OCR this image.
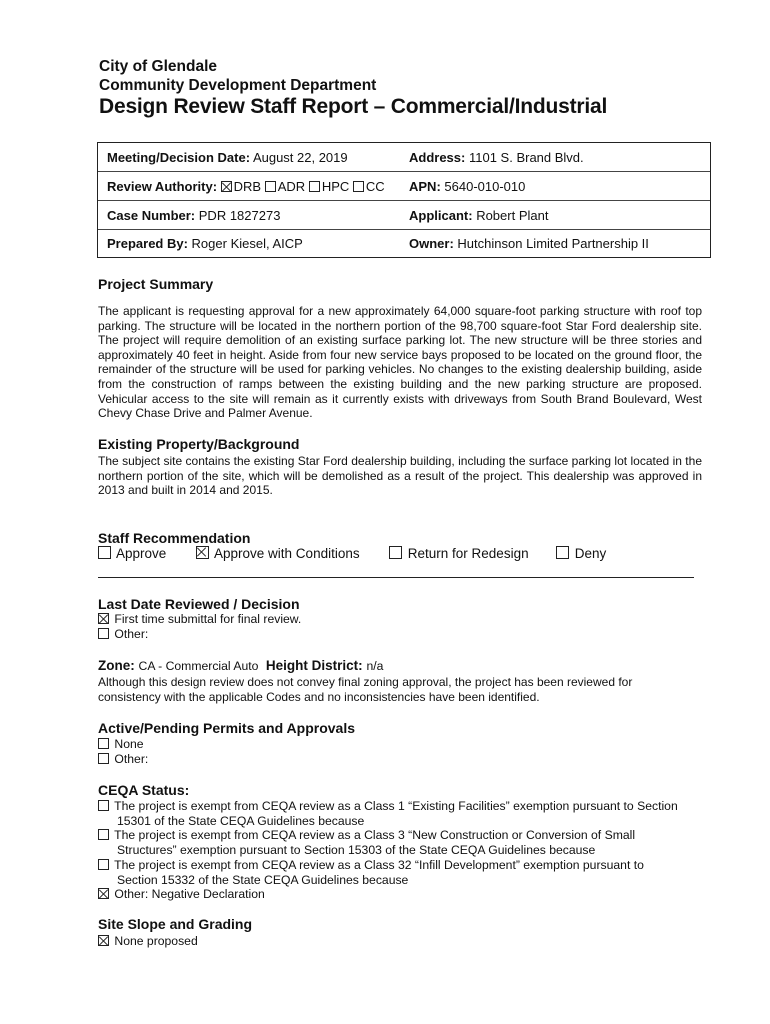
City of Glendale
Community Development Department
Design Review Staff Report – Commercial/Industrial
Meeting/Decision Date: August 22, 2019	Address: 1101 S. Brand Blvd.
Review Authority: DRB ADR HPC CC APN: 5640-010-010
Case Number: PDR 1827273	Applicant: Robert Plant
Prepared By: Roger Kiesel, AICP	Owner: Hutchinson Limited Partnership II
Project Summary
The applicant is requesting approval for a new approximately 64,000 square-foot parking structure with roof top parking. The structure will be located in the northern portion of the 98,700 square-foot Star Ford dealership site. The project will require demolition of an existing surface parking lot. The new structure will be three stories and approximately 40 feet in height. Aside from four new service bays proposed to be located on the ground floor, the remainder of the structure will be used for parking vehicles. No changes to the existing dealership building, aside from the construction of ramps between the existing building and the new parking structure are proposed. Vehicular access to the site will remain as it currently exists with driveways from South Brand Boulevard, West Chevy Chase Drive and Palmer Avenue.
Existing Property/Background
The subject site contains the existing Star Ford dealership building, including the surface parking lot located in the northern portion of the site, which will be demolished as a result of the project. This dealership was approved in 2013 and built in 2014 and 2015.
Staff Recommendation
Approve	Approve with Conditions	Return for Redesign	Deny
Last Date Reviewed / Decision
First time submittal for final review.
Other:
Zone: CA - Commercial Auto Height District: n/a
Although this design review does not convey final zoning approval, the project has been reviewed for consistency with the applicable Codes and no inconsistencies have been identified.
Active/Pending Permits and Approvals
None
Other:
CEQA Status:
The project is exempt from CEQA review as a Class 1 “Existing Facilities” exemption pursuant to Section
15301 of the State CEQA Guidelines because
The project is exempt from CEQA review as a Class 3 “New Construction or Conversion of Small
Structures” exemption pursuant to Section 15303 of the State CEQA Guidelines because
The project is exempt from CEQA review as a Class 32 “Infill Development” exemption pursuant to
Section 15332 of the State CEQA Guidelines because
Other: Negative Declaration
Site Slope and Grading
None proposed
